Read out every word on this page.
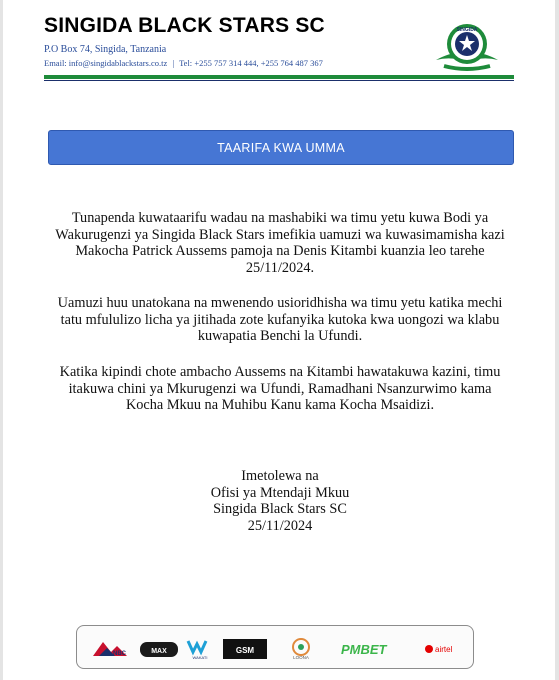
SINGIDA BLACK STARS SC
P.O Box 74, Singida, Tanzania
Email: info@singidablackstars.co.tz | Tel: +255 757 314 444, +255 764 487 367
SINGIDA
TAARIFA KWA UMMA
Tunapenda kuwataarifu wadau na mashabiki wa timu yetu kuwa Bodi ya
Wakurugenzi ya Singida Black Stars imefikia uamuzi wa kuwasimamisha kazi
Makocha Patrick Aussems pamoja na Denis Kitambi kuanzia leo tarehe
25/11/2024.
Uamuzi huu unatokana na mwenendo usioridhisha wa timu yetu katika mechi
tatu mfululizo licha ya jitihada zote kufanyika kutoka kwa uongozi wa klabu
kuwapatia Benchi la Ufundi.
Katika kipindi chote ambacho Aussems na Kitambi hawatakuwa kazini, timu
itakuwa chini ya Mkurugenzi wa Ufundi, Ramadhani Nsanzurwimo kama
Kocha Mkuu na Muhibu Kanu kama Kocha Msaidizi.
Imetolewa na
Ofisi ya Mtendaji Mkuu
Singida Black Stars SC
25/11/2024
NBC	MAX
WAKATI
GSM
LOONA
PMBET	airtel
